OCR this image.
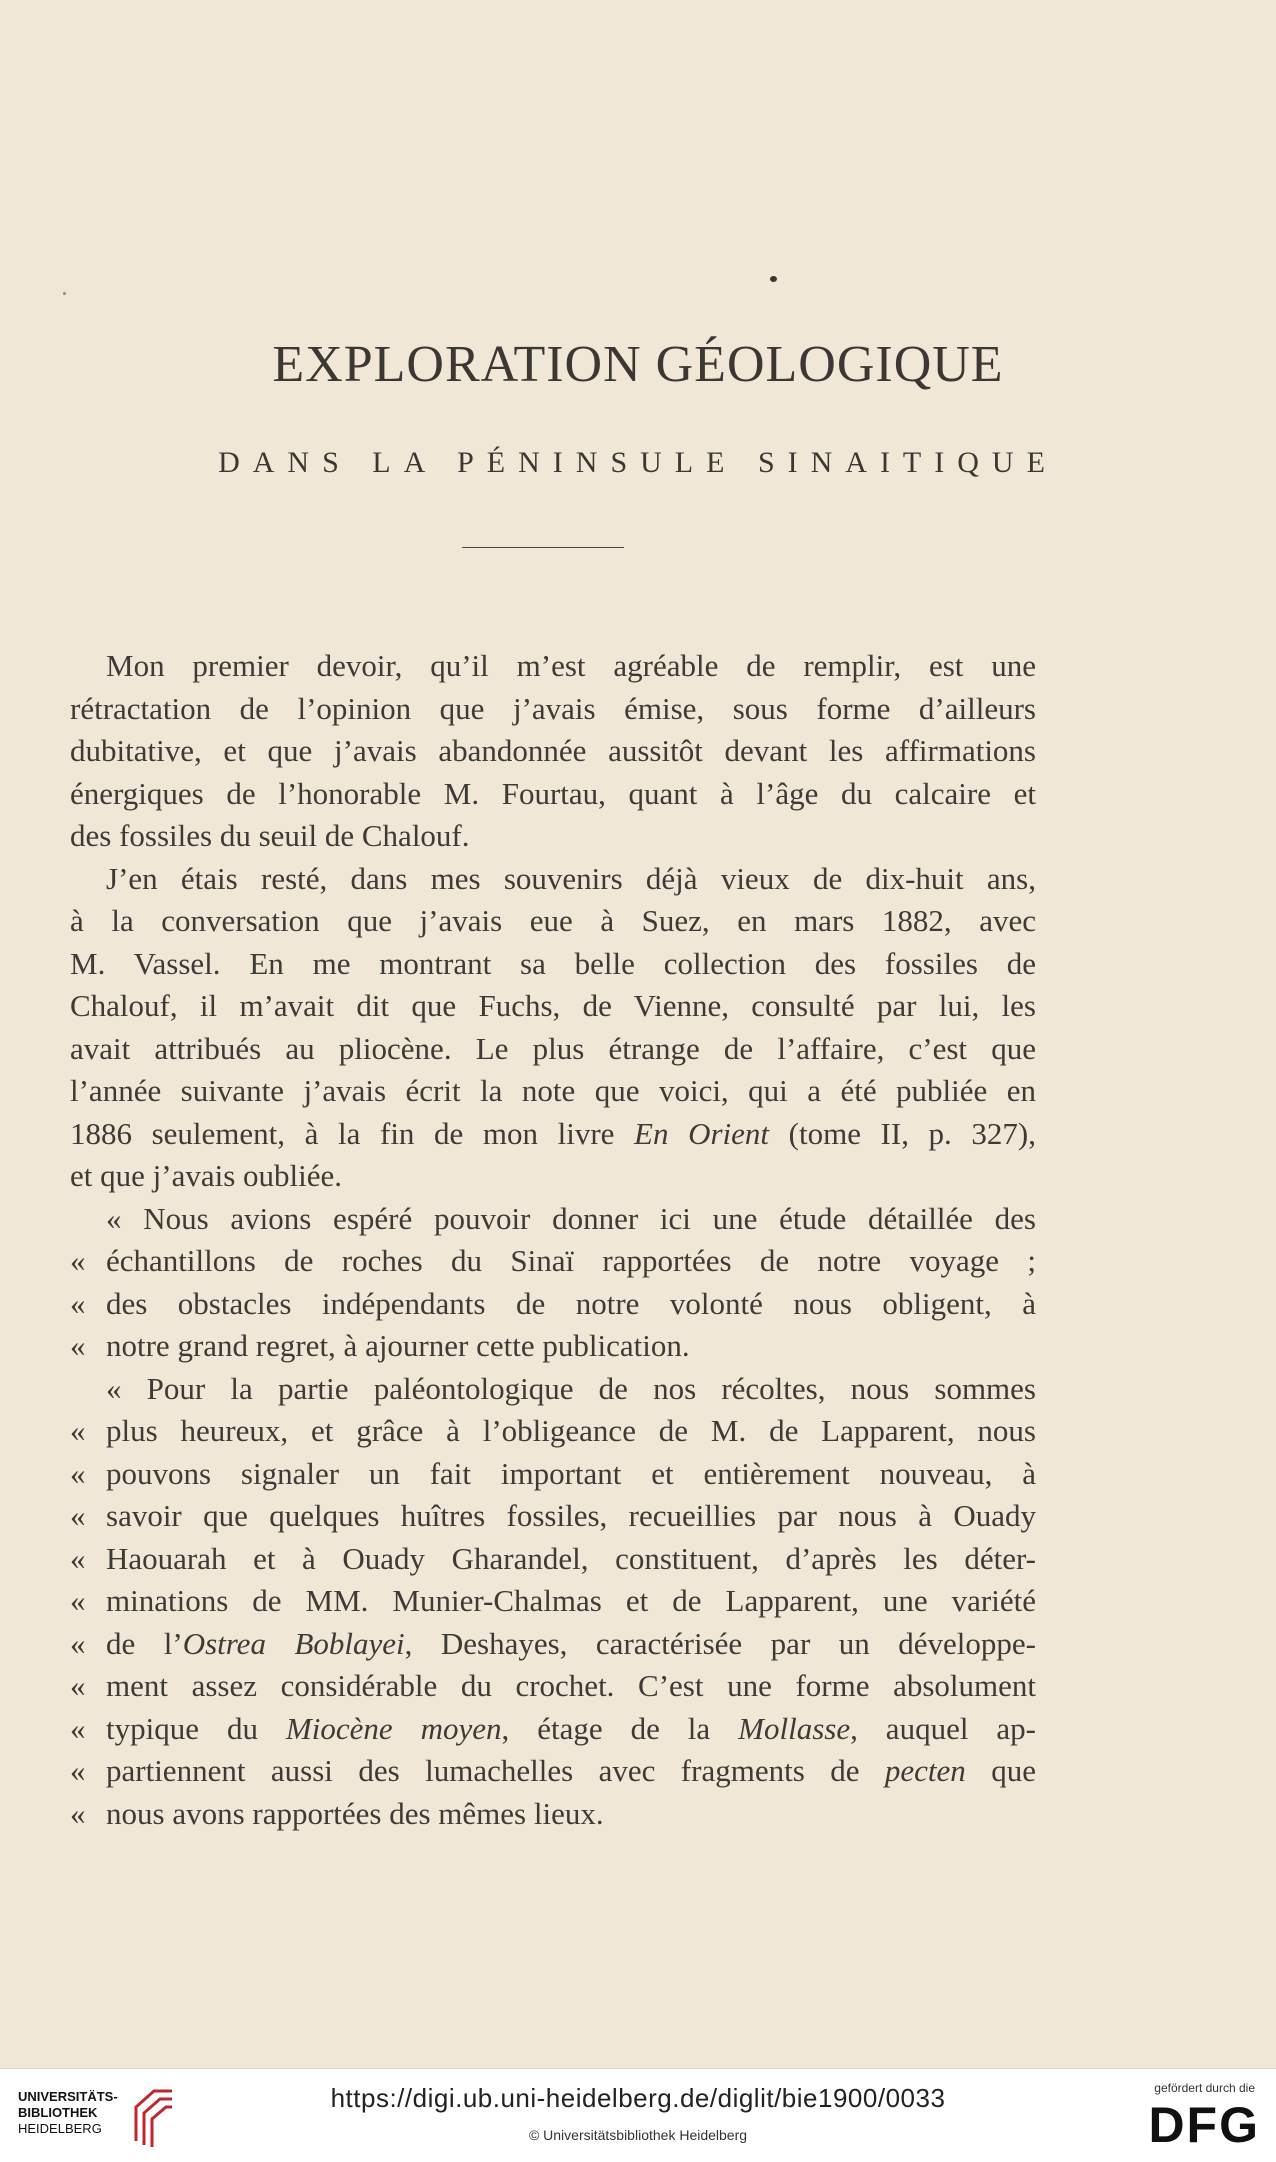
EXPLORATION GÉOLOGIQUE
DANS LA PÉNINSULE SINAITIQUE
Mon premier devoir, qu’il m’est agréable de remplir, est une
rétractation de l’opinion que j’avais émise, sous forme d’ailleurs
dubitative, et que j’avais abandonnée aussitôt devant les affirmations
énergiques de l’honorable M. Fourtau, quant à l’âge du calcaire et
des fossiles du seuil de Chalouf.
J’en étais resté, dans mes souvenirs déjà vieux de dix-huit ans,
à la conversation que j’avais eue à Suez, en mars 1882, avec
M. Vassel. En me montrant sa belle collection des fossiles de
Chalouf, il m’avait dit que Fuchs, de Vienne, consulté par lui, les
avait attribués au pliocène. Le plus étrange de l’affaire, c’est que
l’année suivante j’avais écrit la note que voici, qui a été publiée en
1886 seulement, à la fin de mon livre En Orient (tome II, p. 327),
et que j’avais oubliée.
« Nous avions espéré pouvoir donner ici une étude détaillée des
« échantillons de roches du Sinaï rapportées de notre voyage ;
« des obstacles indépendants de notre volonté nous obligent, à
« notre grand regret, à ajourner cette publication.
« Pour la partie paléontologique de nos récoltes, nous sommes
« plus heureux, et grâce à l’obligeance de M. de Lapparent, nous
« pouvons signaler un fait important et entièrement nouveau, à
« savoir que quelques huîtres fossiles, recueillies par nous à Ouady
« Haouarah et à Ouady Gharandel, constituent, d’après les déter-
« minations de MM. Munier-Chalmas et de Lapparent, une variété
« de l’Ostrea Boblayei, Deshayes, caractérisée par un développe-
« ment assez considérable du crochet. C’est une forme absolument
« typique du Miocène moyen, étage de la Mollasse, auquel ap-
« partiennent aussi des lumachelles avec fragments de pecten que
« nous avons rapportées des mêmes lieux.
UNIVERSITÄTS-
BIBLIOTHEK
HEIDELBERG
https://digi.ub.uni-heidelberg.de/diglit/bie1900/0033
© Universitätsbibliothek Heidelberg
gefördert durch die
DFG
